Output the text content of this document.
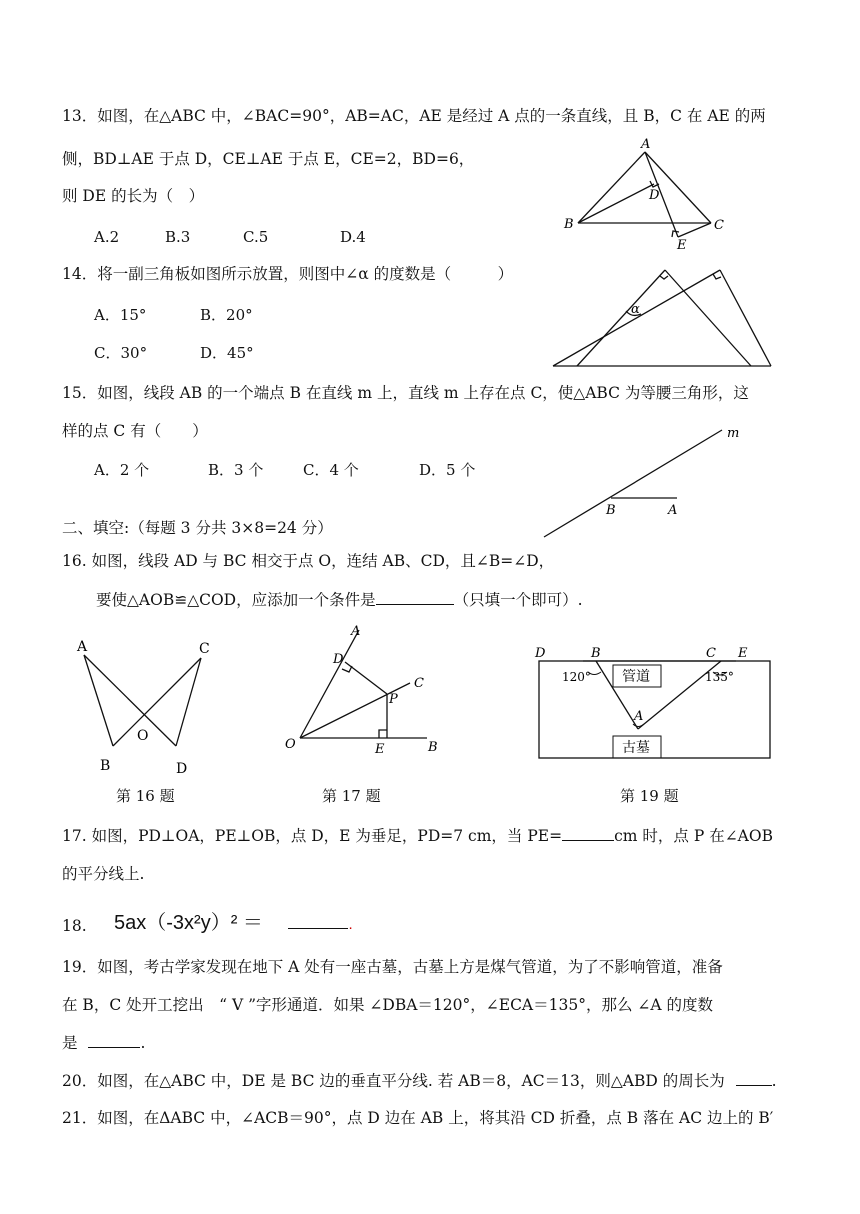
13．如图，在△ABC 中，∠BAC=90°，AB=AC，AE 是经过 A 点的一条直线，且 B，C 在 AE 的两
侧，BD⊥AE 于点 D，CE⊥AE 于点 E，CE=2，BD=6，
则 DE 的长为（　）
A.2	B.3	C.5	D.4
A
B	C
D
E
14．将一副三角板如图所示放置，则图中∠α 的度数是（　　　）
A．15°	B．20°
C．30°	D．45°
α
15．如图，线段 AB 的一个端点 B 在直线 m 上，直线 m 上存在点 C，使△ABC 为等腰三角形，这
样的点 C 有（　　）
A．2 个	B．3 个	C．4 个	D．5 个
m
B	A
二、填空:（每题 3 分共 3×8=24 分）
16. 如图，线段 AD 与 BC 相交于点 O，连结 AB、CD，且∠B=∠D，
要使△AOB≌△COD，应添加一个条件是	（只填一个即可）.
A	C
O
B	D
第 16 题
A
D
C
P
O	E	B
第 17 题
D	B	C E
A
120°	135°
管道
古墓
第 19 题
17. 如图，PD⊥OA，PE⊥OB，点 D，E 为垂足，PD=7 cm，当 PE=	cm 时，点 P 在∠AOB
的平分线上.
18. 5ax（-3x²y）² ＝	.
19．如图，考古学家发现在地下 A 处有一座古墓，古墓上方是煤气管道，为了不影响管道，准备
在 B，C 处开工挖出　“ V ”字形通道．如果 ∠DBA＝120°，∠ECA＝135°，那么 ∠A 的度数
是	.
20．如图，在△ABC 中，DE 是 BC 边的垂直平分线. 若 AB＝8，AC＝13，则△ABD 的周长为	.
21．如图，在ΔABC 中，∠ACB＝90°，点 D 边在 AB 上，将其沿 CD 折叠，点 B 落在 AC 边上的 B′
